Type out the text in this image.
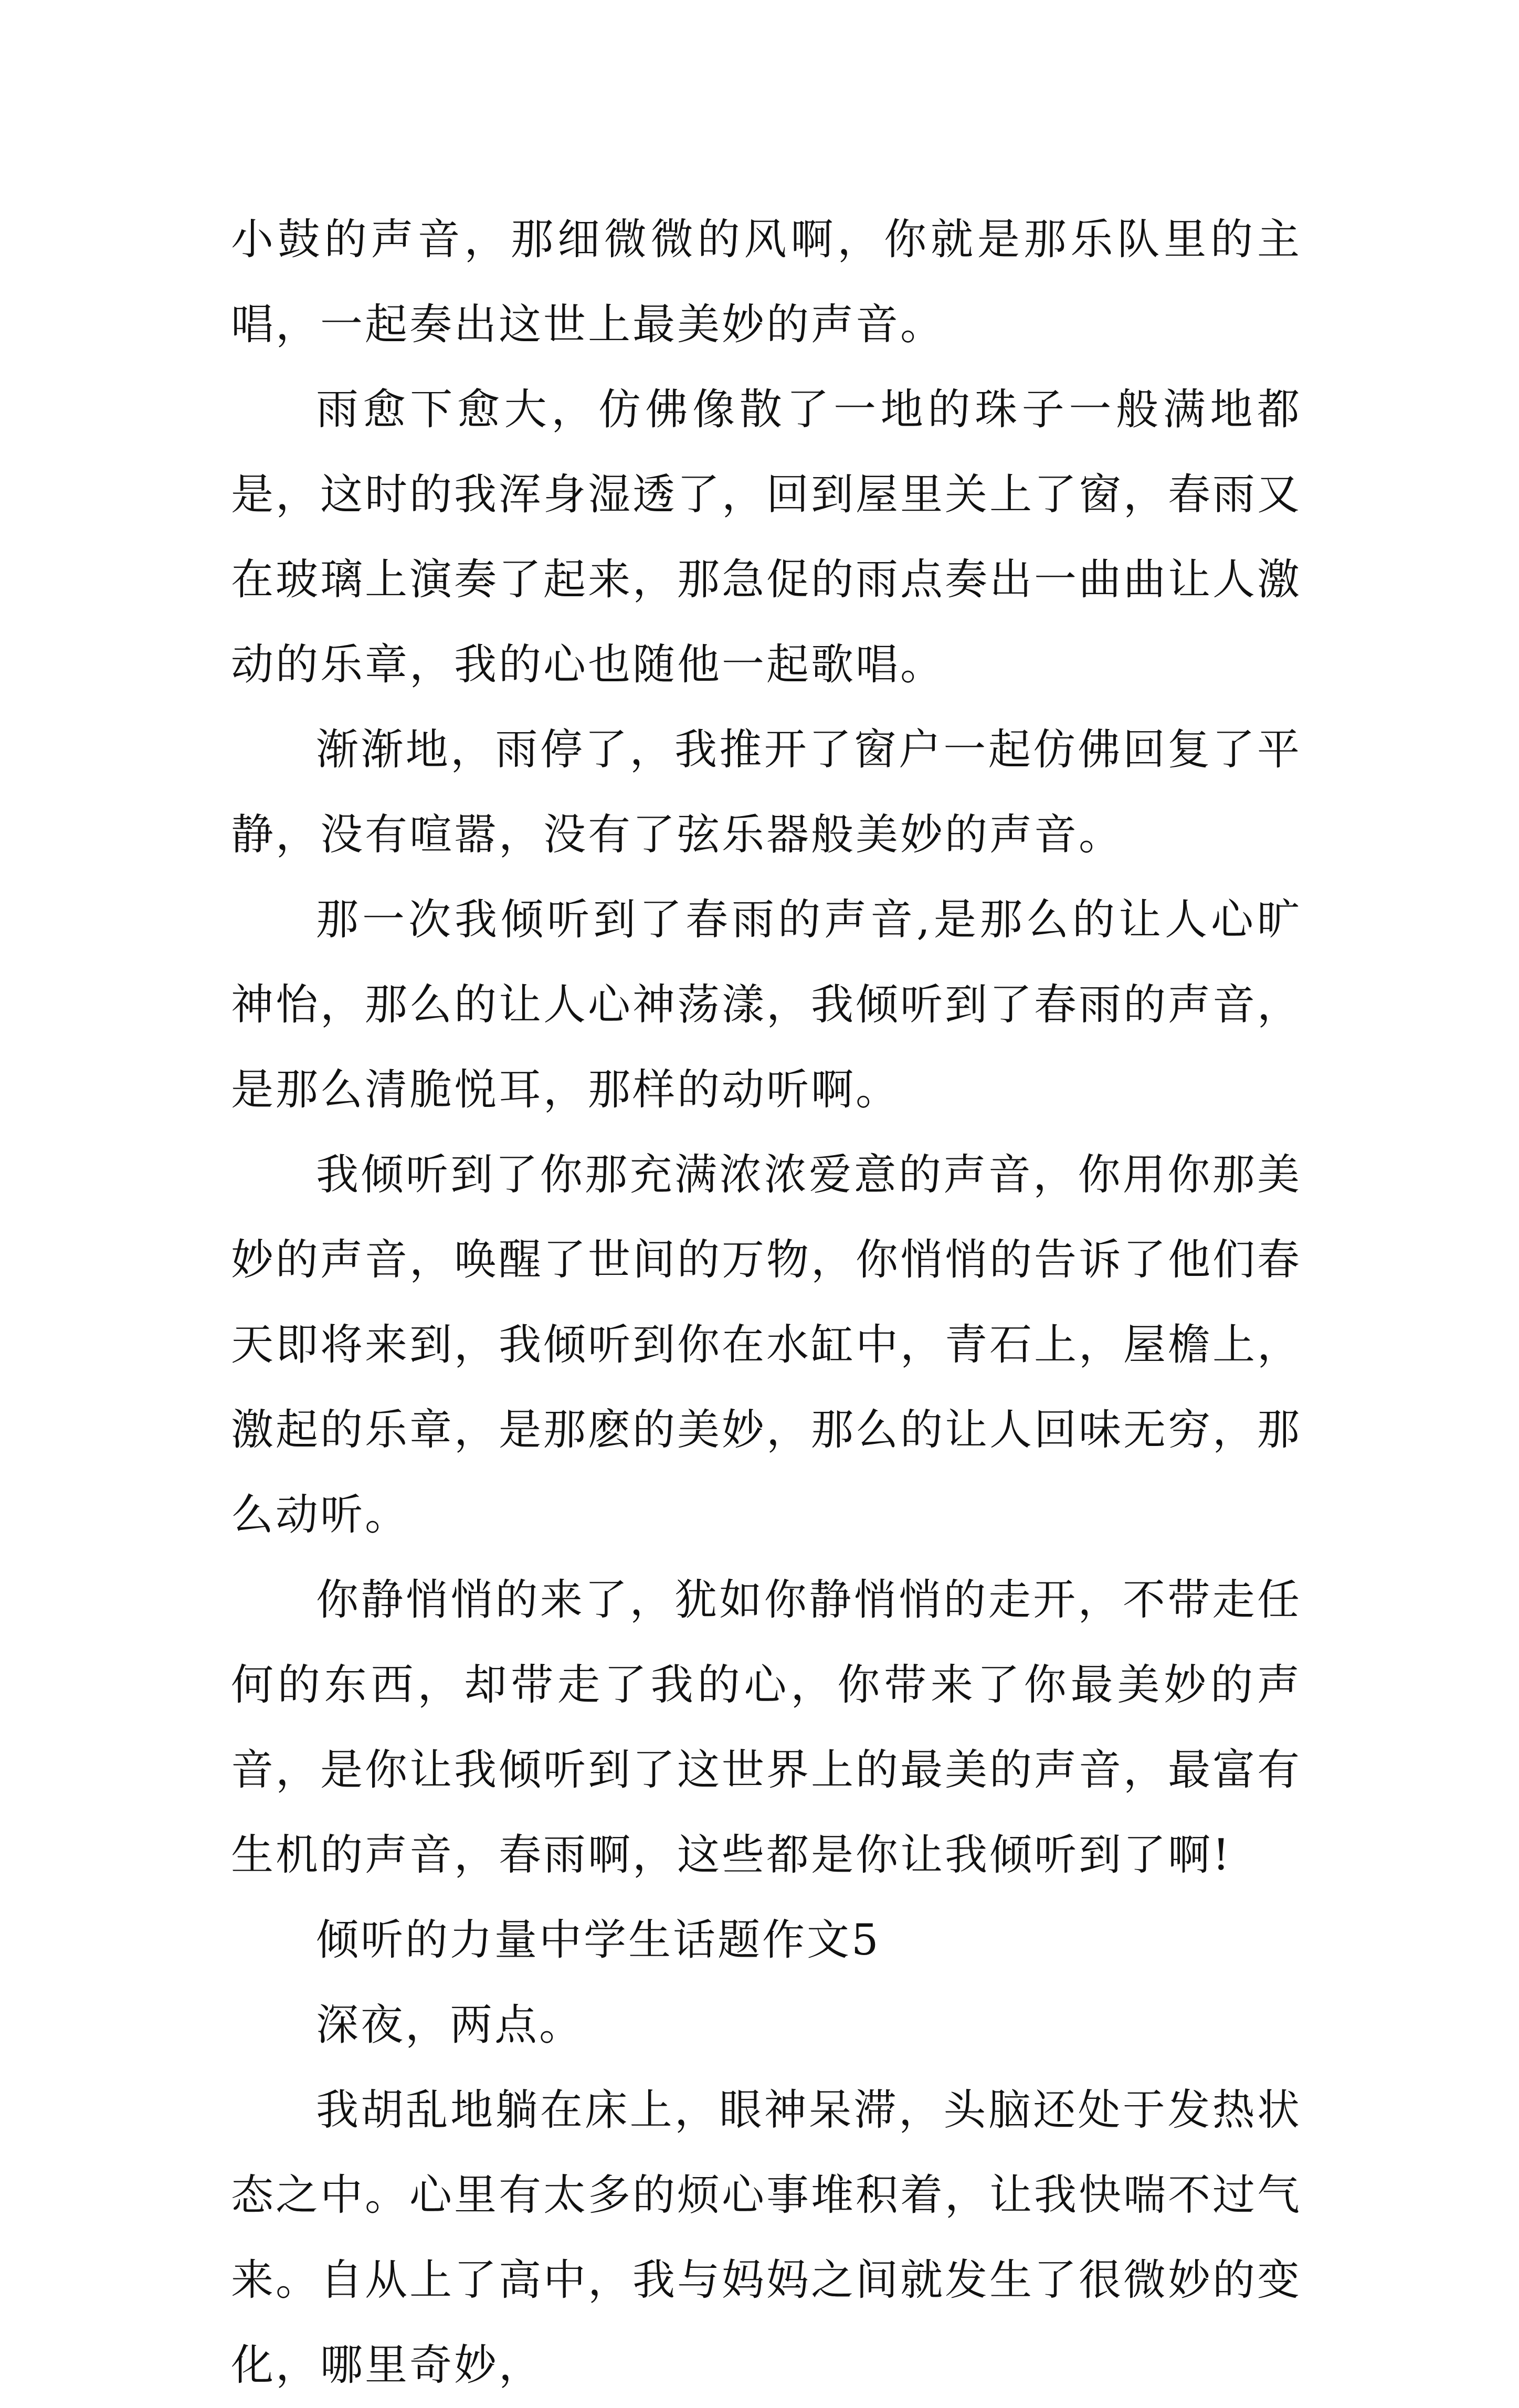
小鼓的声音，那细微微的风啊，你就是那乐队里的主唱，一起奏出这世上最美妙的声音。

雨愈下愈大，仿佛像散了一地的珠子一般满地都是，这时的我浑身湿透了，回到屋里关上了窗，春雨又在玻璃上演奏了起来，那急促的雨点奏出一曲曲让人激动的乐章，我的心也随他一起歌唱。

渐渐地，雨停了，我推开了窗户一起仿佛回复了平静，没有喧嚣，没有了弦乐器般美妙的声音。

那一次我倾听到了春雨的声音,是那么的让人心旷神怡，那么的让人心神荡漾，我倾听到了春雨的声音，是那么清脆悦耳，那样的动听啊。

我倾听到了你那充满浓浓爱意的声音，你用你那美妙的声音，唤醒了世间的万物，你悄悄的告诉了他们春天即将来到，我倾听到你在水缸中，青石上，屋檐上，激起的乐章，是那麽的美妙，那么的让人回味无穷，那么动听。

你静悄悄的来了，犹如你静悄悄的走开，不带走任何的东西，却带走了我的心，你带来了你最美妙的声音，是你让我倾听到了这世界上的最美的声音，最富有生机的声音，春雨啊，这些都是你让我倾听到了啊!

倾听的力量中学生话题作文5

深夜，两点。

我胡乱地躺在床上，眼神呆滞，头脑还处于发热状态之中。心里有太多的烦心事堆积着，让我快喘不过气来。自从上了高中，我与妈妈之间就发生了很微妙的变化，哪里奇妙，
